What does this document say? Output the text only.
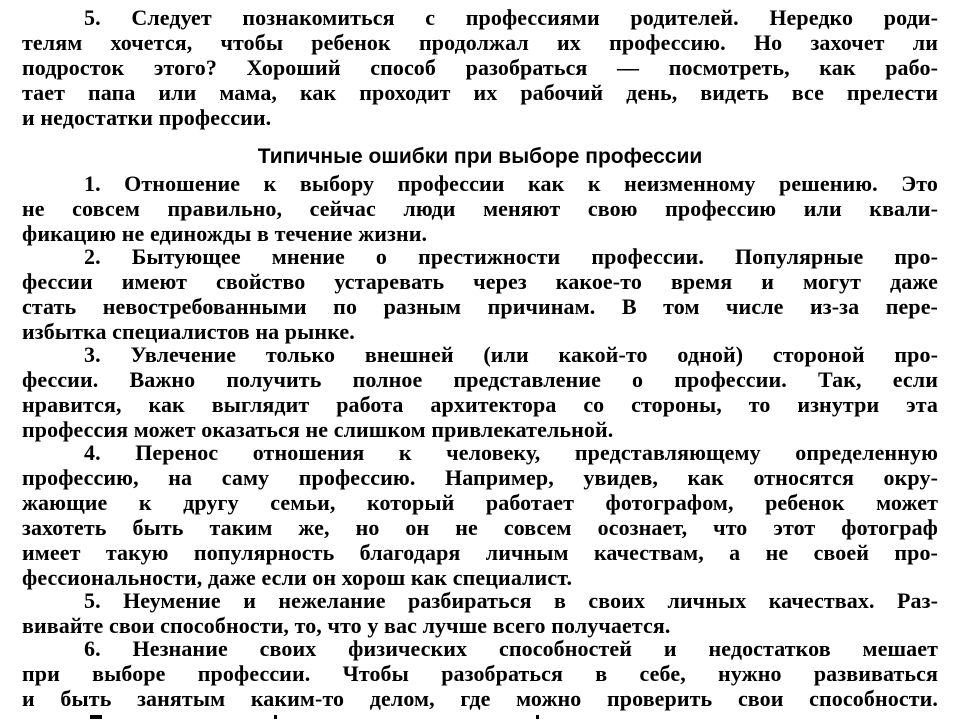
5. Следует познакомиться с профессиями родителей. Нередко роди-
телям хочется, чтобы ребенок продолжал их профессию. Но захочет ли
подросток этого? Хороший способ разобраться — посмотреть, как рабо-
тает папа или мама, как проходит их рабочий день, видеть все прелести
и недостатки профессии.
Типичные ошибки при выборе профессии
1. Отношение к выбору профессии как к неизменному решению. Это
не совсем правильно, сейчас люди меняют свою профессию или квали-
фикацию не единожды в течение жизни.
2. Бытующее мнение о престижности профессии. Популярные про-
фессии имеют свойство устаревать через какое-то время и могут даже
стать невостребованными по разным причинам. В том числе из-за пере-
избытка специалистов на рынке.
3. Увлечение только внешней (или какой-то одной) стороной про-
фессии. Важно получить полное представление о профессии. Так, если
нравится, как выглядит работа архитектора со стороны, то изнутри эта
профессия может оказаться не слишком привлекательной.
4. Перенос отношения к человеку, представляющему определенную
профессию, на саму профессию. Например, увидев, как относятся окру-
жающие к другу семьи, который работает фотографом, ребенок может
захотеть быть таким же, но он не совсем осознает, что этот фотограф
имеет такую популярность благодаря личным качествам, а не своей про-
фессиональности, даже если он хорош как специалист.
5. Неумение и нежелание разбираться в своих личных качествах. Раз-
вивайте свои способности, то, что у вас лучше всего получается.
6. Незнание своих физических способностей и недостатков мешает
при выборе профессии. Чтобы разобраться в себе, нужно развиваться
и быть занятым каким-то делом, где можно проверить свои способности.
